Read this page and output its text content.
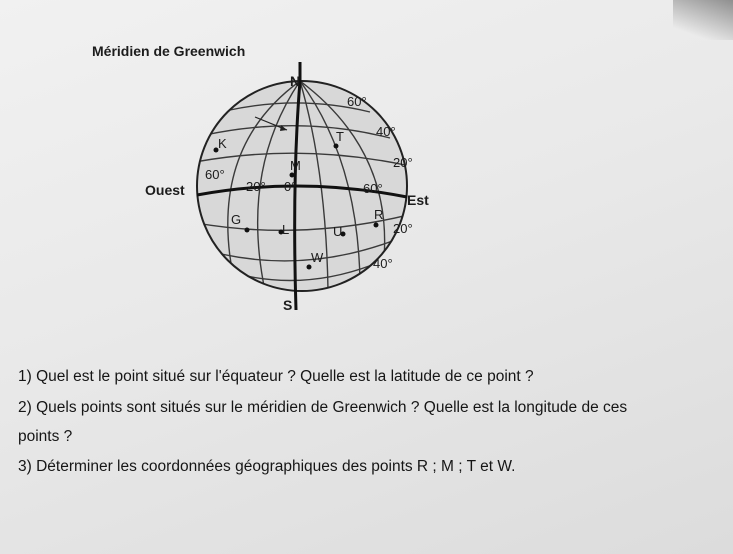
Méridien de Greenwich
N
S
Ouest
Est
60°
40°
20°
20°
40°
60°
20° 0°	60°
K	T
M
G
L	U
R
W
1) Quel est le point situé sur l'équateur ? Quelle est la latitude de ce point ?
2) Quels points sont situés sur le méridien de Greenwich ? Quelle est la longitude de ces
points ?
3) Déterminer les coordonnées géographiques des points R ; M ; T et W.
